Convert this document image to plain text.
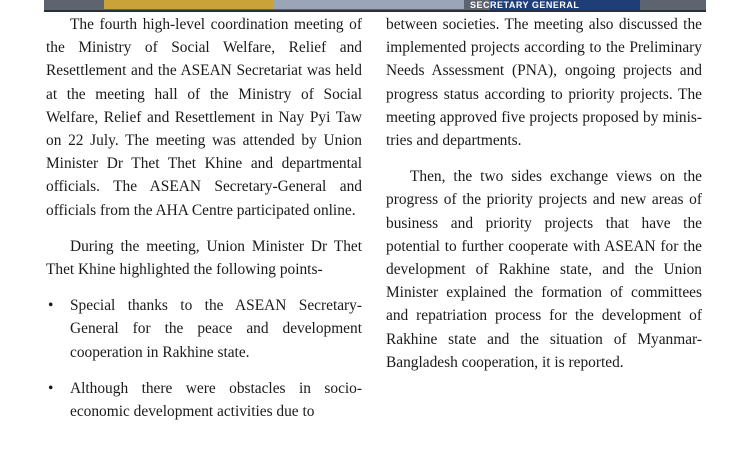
SECRETARY GENERAL

The fourth high-level coordination meeting of the Ministry of Social Welfare, Relief and Resettlement and the ASEAN Secretariat was held at the meeting hall of the Ministry of Social Welfare, Relief and Resettlement in Nay Pyi Taw on 22 July. The meeting was attended by Union Minister Dr Thet Thet Khine and departmental officials. The ASEAN Secretary-General and officials from the AHA Centre participated online.

During the meeting, Union Minister Dr Thet Thet Khine highlighted the following points-

• Special thanks to the ASEAN Secretary-General for the peace and development cooperation in Rakhine state.
• Although there were obstacles in socio-economic development activities due to

between societies. The meeting also discussed the implemented projects according to the Preliminary Needs Assessment (PNA), ongoing projects and progress status according to priority projects. The meeting approved five projects proposed by ministries and departments.

Then, the two sides exchange views on the progress of the priority projects and new areas of business and priority projects that have the potential to further cooperate with ASEAN for the development of Rakhine state, and the Union Minister explained the formation of committees and repatriation process for the development of Rakhine state and the situation of Myanmar-Bangladesh cooperation, it is reported.
